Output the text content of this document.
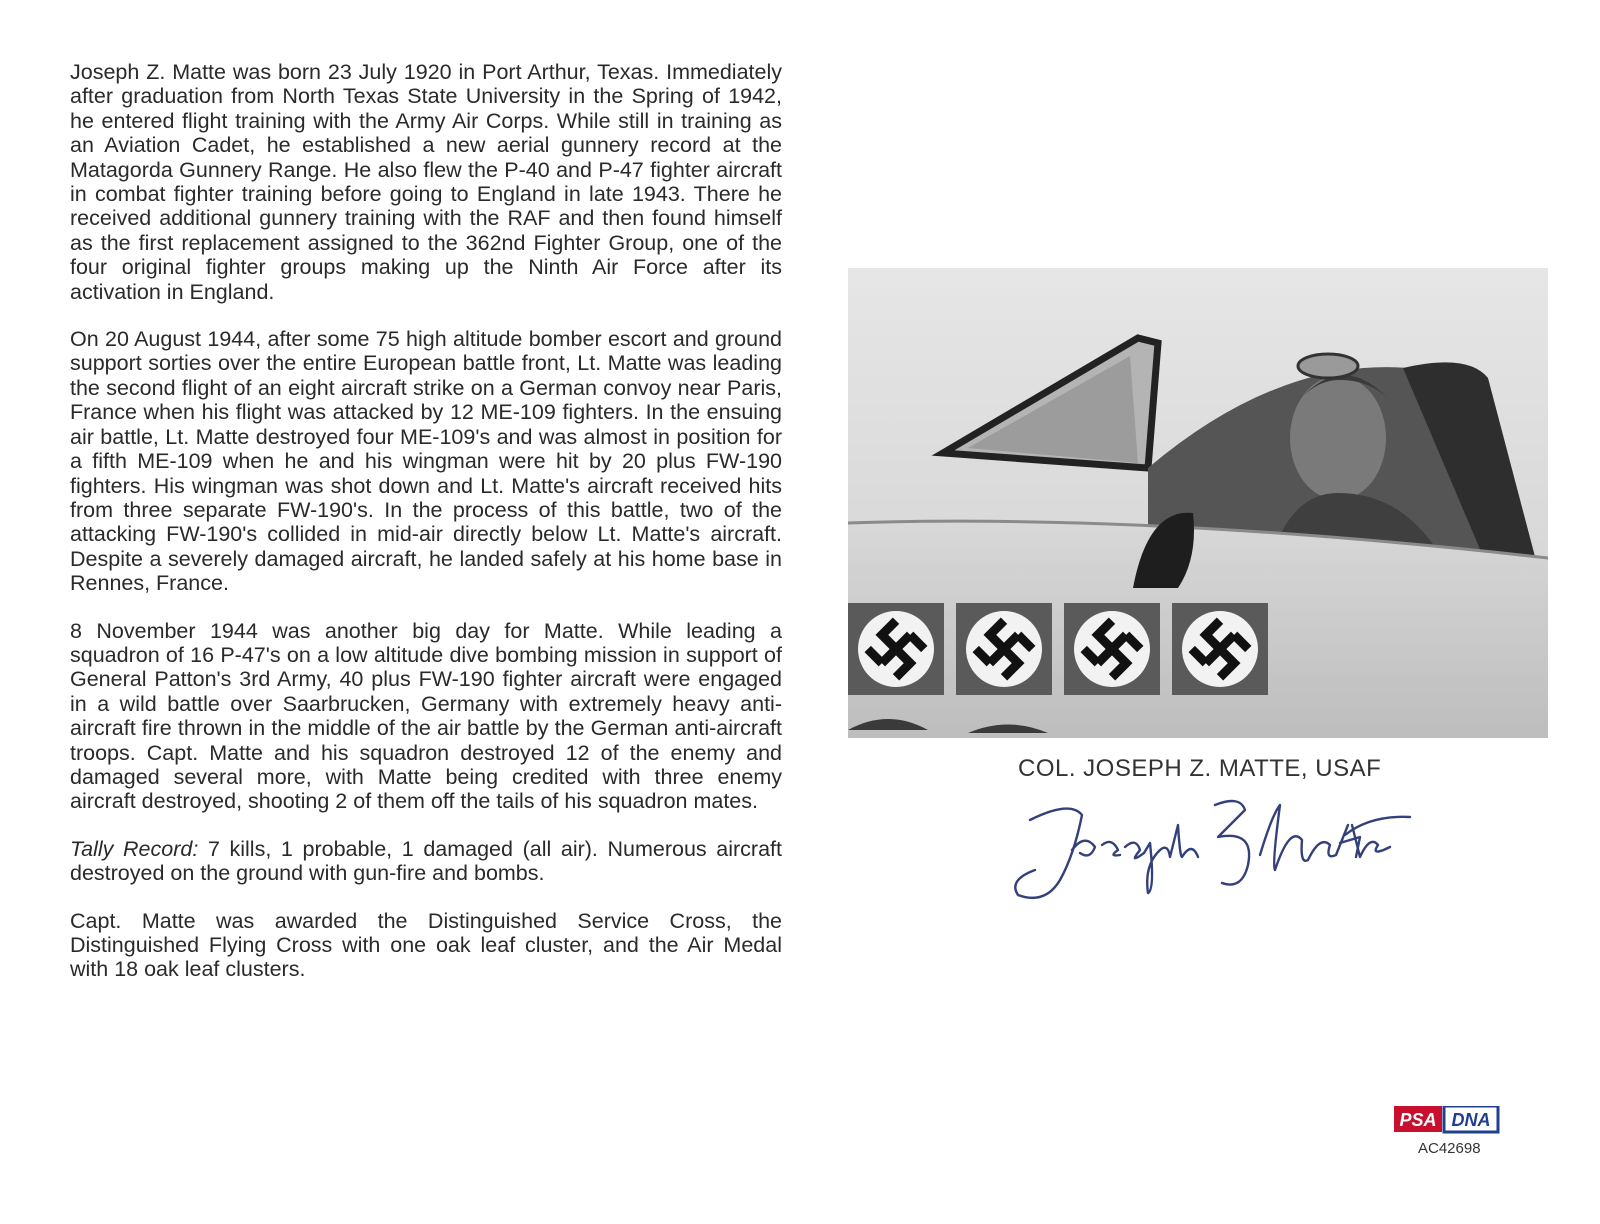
Joseph Z. Matte was born 23 July 1920 in Port Arthur, Texas. Immediately after graduation from North Texas State University in the Spring of 1942, he entered flight training with the Army Air Corps. While still in training as an Aviation Cadet, he established a new aerial gunnery record at the Matagorda Gunnery Range. He also flew the P-40 and P-47 fighter aircraft in combat fighter training before going to England in late 1943. There he received additional gunnery training with the RAF and then found himself as the first replacement assigned to the 362nd Fighter Group, one of the four original fighter groups making up the Ninth Air Force after its activation in England.

On 20 August 1944, after some 75 high altitude bomber escort and ground support sorties over the entire European battle front, Lt. Matte was leading the second flight of an eight aircraft strike on a German convoy near Paris, France when his flight was attacked by 12 ME-109 fighters. In the ensuing air battle, Lt. Matte destroyed four ME-109's and was almost in position for a fifth ME-109 when he and his wingman were hit by 20 plus FW-190 fighters. His wingman was shot down and Lt. Matte's aircraft received hits from three separate FW-190's. In the process of this battle, two of the attacking FW-190's collided in mid-air directly below Lt. Matte's aircraft. Despite a severely damaged aircraft, he landed safely at his home base in Rennes, France.

8 November 1944 was another big day for Matte. While leading a squadron of 16 P-47's on a low altitude dive bombing mission in support of General Patton's 3rd Army, 40 plus FW-190 fighter aircraft were engaged in a wild battle over Saarbrucken, Germany with extremely heavy anti-aircraft fire thrown in the middle of the air battle by the German anti-aircraft troops. Capt. Matte and his squadron destroyed 12 of the enemy and damaged several more, with Matte being credited with three enemy aircraft destroyed, shooting 2 of them off the tails of his squadron mates.

Tally Record: 7 kills, 1 probable, 1 damaged (all air). Numerous aircraft destroyed on the ground with gun-fire and bombs.

Capt. Matte was awarded the Distinguished Service Cross, the Distinguished Flying Cross with one oak leaf cluster, and the Air Medal with 18 oak leaf clusters.

COL. JOSEPH Z. MATTE, USAF
PSA DNA
AC42698
